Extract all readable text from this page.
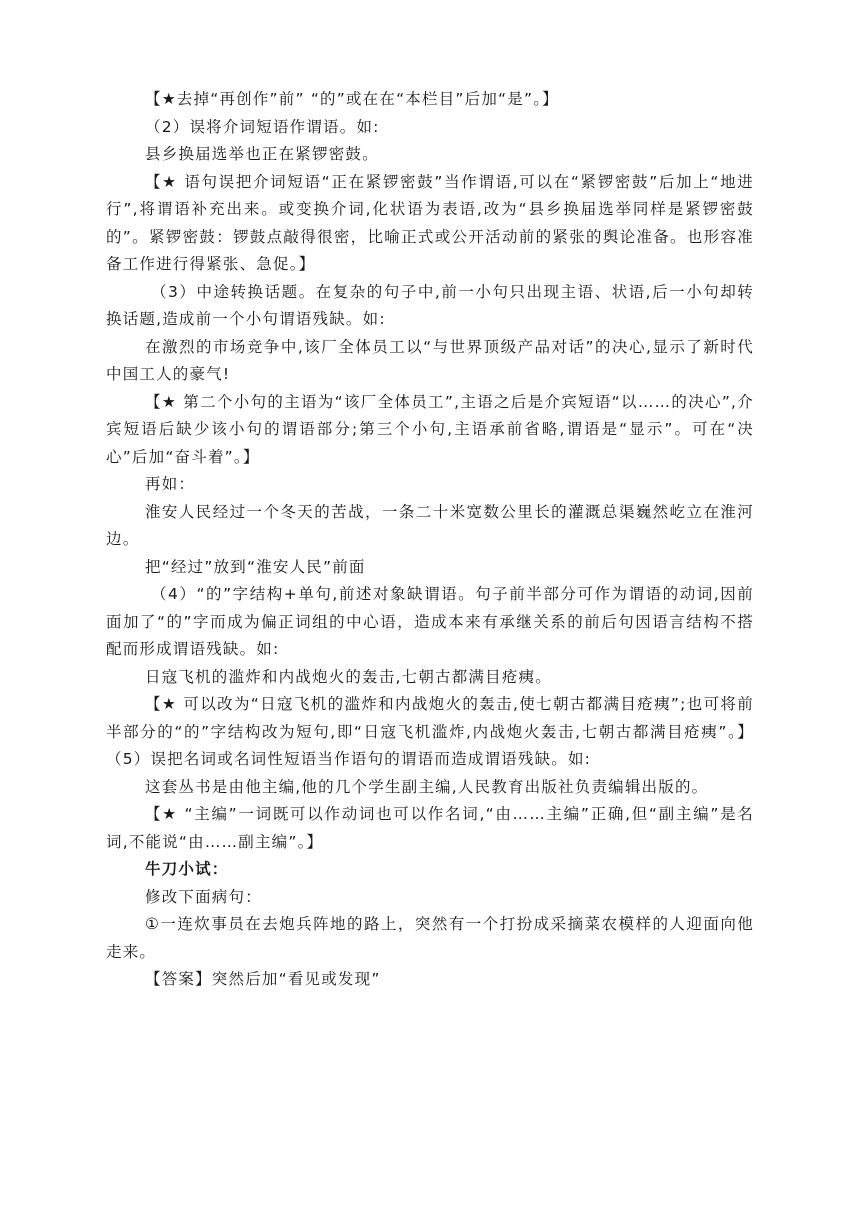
【★去掉“再创作”前” “的”或在在“本栏目”后加“是”。】

（2）误将介词短语作谓语。如:

县乡换届选举也正在紧锣密鼓。

【★ 语句误把介词短语“正在紧锣密鼓”当作谓语,可以在“紧锣密鼓”后加上“地进行”,将谓语补充出来。或变换介词,化状语为表语,改为“县乡换届选举同样是紧锣密鼓的”。紧锣密鼓：锣鼓点敲得很密，比喻正式或公开活动前的紧张的舆论准备。也形容准备工作进行得紧张、急促。】

（3）中途转换话题。在复杂的句子中,前一小句只出现主语、状语,后一小句却转换话题,造成前一个小句谓语残缺。如:

在激烈的市场竞争中,该厂全体员工以“与世界顶级产品对话”的决心,显示了新时代中国工人的豪气!

【★ 第二个小句的主语为“该厂全体员工”,主语之后是介宾短语“以……的决心”,介宾短语后缺少该小句的谓语部分;第三个小句,主语承前省略,谓语是“显示”。可在“决心”后加“奋斗着”。】

再如：

淮安人民经过一个冬天的苦战，一条二十米宽数公里长的灌溉总渠巍然屹立在淮河边。

把“经过”放到“淮安人民”前面

（4）“的”字结构+单句,前述对象缺谓语。句子前半部分可作为谓语的动词,因前面加了“的”字而成为偏正词组的中心语，造成本来有承继关系的前后句因语言结构不搭配而形成谓语残缺。如:

日寇飞机的滥炸和内战炮火的轰击,七朝古都满目疮痍。

【★ 可以改为“日寇飞机的滥炸和内战炮火的轰击,使七朝古都满目疮痍”;也可将前半部分的“的”字结构改为短句,即“日寇飞机滥炸,内战炮火轰击,七朝古都满目疮痍”。】（5）误把名词或名词性短语当作语句的谓语而造成谓语残缺。如:

这套丛书是由他主编,他的几个学生副主编,人民教育出版社负责编辑出版的。

【★ “主编”一词既可以作动词也可以作名词,“由……主编”正确,但“副主编”是名词,不能说“由……副主编”。】

牛刀小试：

修改下面病句：

①一连炊事员在去炮兵阵地的路上，突然有一个打扮成采摘菜农模样的人迎面向他走来。

【答案】突然后加“看见或发现”
